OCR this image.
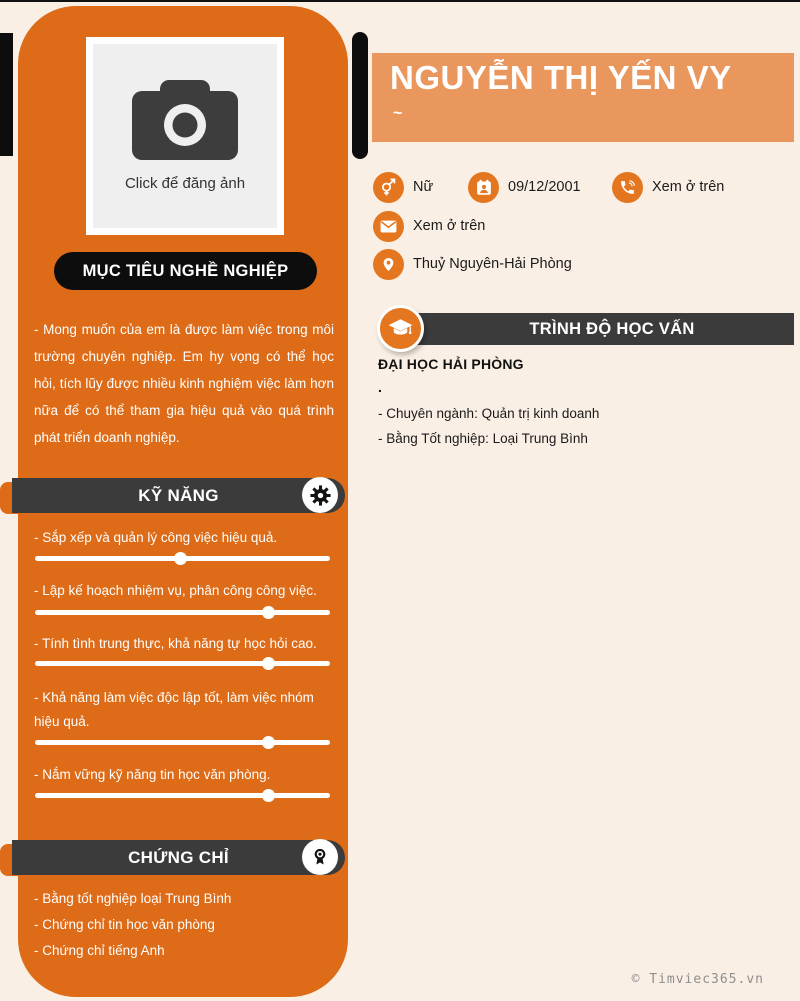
Click để đăng ảnh
MỤC TIÊU NGHỀ NGHIỆP
- Mong muốn của em là được làm việc trong môi trường chuyên nghiệp. Em hy vọng có thể học hỏi, tích lũy được nhiều kinh nghiệm việc làm hơn nữa để có thể tham gia hiệu quả vào quá trình phát triển doanh nghiệp.
KỸ NĂNG
- Sắp xếp và quản lý công việc hiệu quả.
- Lập kế hoạch nhiệm vụ, phân công công việc.
- Tính tình trung thực, khả năng tự học hỏi cao.
- Khả năng làm việc độc lập tốt, làm việc nhóm hiệu quả.
- Nắm vững kỹ năng tin học văn phòng.
CHỨNG CHỈ
- Bằng tốt nghiệp loại Trung Bình
- Chứng chỉ tin học văn phòng
- Chứng chỉ tiếng Anh
NGUYỄN THỊ YẾN VY
~
Nữ	09/12/2001	Xem ở trên
Xem ở trên
Thuỷ Nguyên-Hải Phòng
TRÌNH ĐỘ HỌC VẤN
ĐẠI HỌC HẢI PHÒNG
.
- Chuyên ngành: Quản trị kinh doanh
- Bằng Tốt nghiệp: Loại Trung Bình
© Timviec365.vn
